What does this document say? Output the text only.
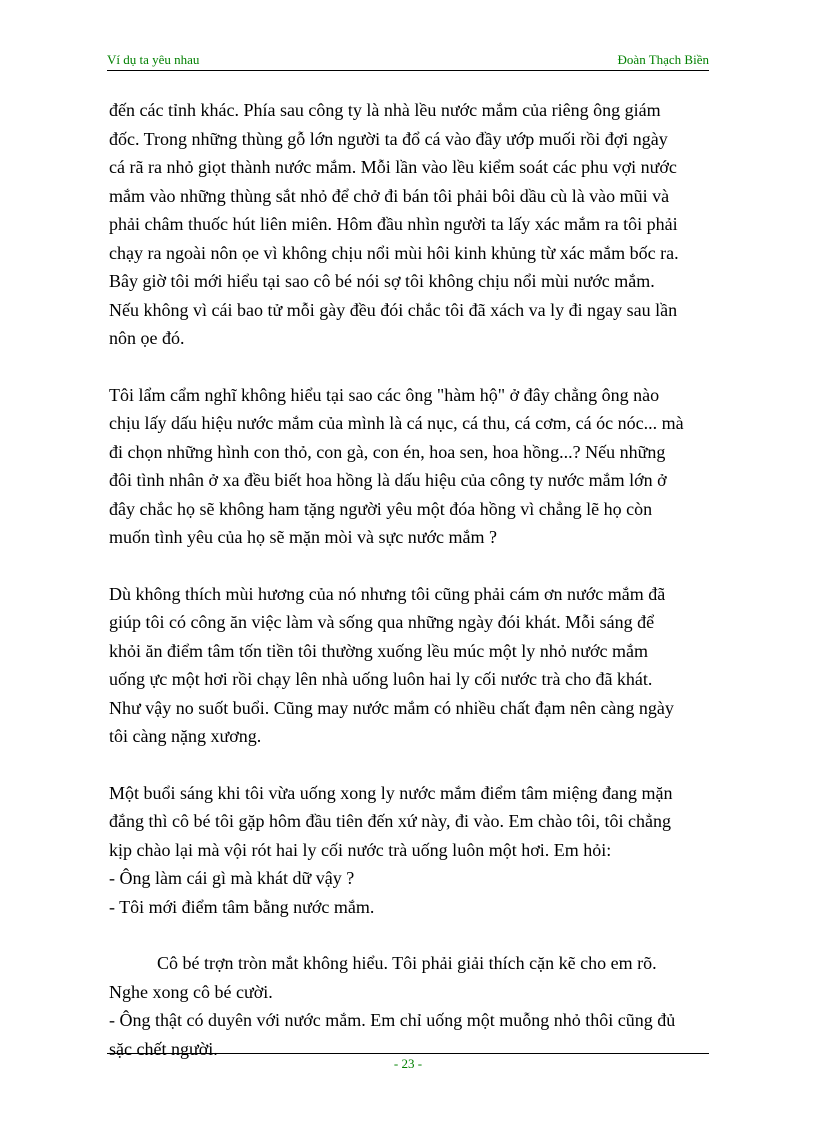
Ví dụ ta yêu nhau	Đoàn Thạch Biền

đến các tỉnh khác. Phía sau công ty là nhà lều nước mắm của riêng ông giám
đốc. Trong những thùng gỗ lớn người ta đổ cá vào đầy ướp muối rồi đợi ngày
cá rã ra nhỏ giọt thành nước mắm. Mỗi lần vào lều kiểm soát các phu vợi nước
mắm vào những thùng sắt nhỏ để chở đi bán tôi phải bôi dầu cù là vào mũi và
phải châm thuốc hút liên miên. Hôm đầu nhìn người ta lấy xác mắm ra tôi phải
chạy ra ngoài nôn ọe vì không chịu nổi mùi hôi kinh khủng từ xác mắm bốc ra.
Bây giờ tôi mới hiểu tại sao cô bé nói sợ tôi không chịu nổi mùi nước mắm.
Nếu không vì cái bao tử mỗi gày đều đói chắc tôi đã xách va ly đi ngay sau lần
nôn ọe đó.

Tôi lẩm cẩm nghĩ không hiểu tại sao các ông "hàm hộ" ở đây chẳng ông nào
chịu lấy dấu hiệu nước mắm của mình là cá nục, cá thu, cá cơm, cá óc nóc... mà
đi chọn những hình con thỏ, con gà, con én, hoa sen, hoa hồng...? Nếu những
đôi tình nhân ở xa đều biết hoa hồng là dấu hiệu của công ty nước mắm lớn ở
đây chắc họ sẽ không ham tặng người yêu một đóa hồng vì chẳng lẽ họ còn
muốn tình yêu của họ sẽ mặn mòi và sực nước mắm ?

Dù không thích mùi hương của nó nhưng tôi cũng phải cám ơn nước mắm đã
giúp tôi có công ăn việc làm và sống qua những ngày đói khát. Mỗi sáng để
khỏi ăn điểm tâm tốn tiền tôi thường xuống lều múc một ly nhỏ nước mắm
uống ực một hơi rồi chạy lên nhà uống luôn hai ly cối nước trà cho đã khát.
Như vậy no suốt buổi. Cũng may nước mắm có nhiều chất đạm nên càng ngày
tôi càng nặng xương.

Một buổi sáng khi tôi vừa uống xong ly nước mắm điểm tâm miệng đang mặn
đắng thì cô bé tôi gặp hôm đầu tiên đến xứ này, đi vào. Em chào tôi, tôi chẳng
kịp chào lại mà vội rót hai ly cối nước trà uống luôn một hơi. Em hỏi:
- Ông làm cái gì mà khát dữ vậy ?
- Tôi mới điểm tâm bằng nước mắm.

Cô bé trợn tròn mắt không hiểu. Tôi phải giải thích cặn kẽ cho em rõ.
Nghe xong cô bé cười.
- Ông thật có duyên với nước mắm. Em chỉ uống một muỗng nhỏ thôi cũng đủ
sặc chết người.

- 23 -
